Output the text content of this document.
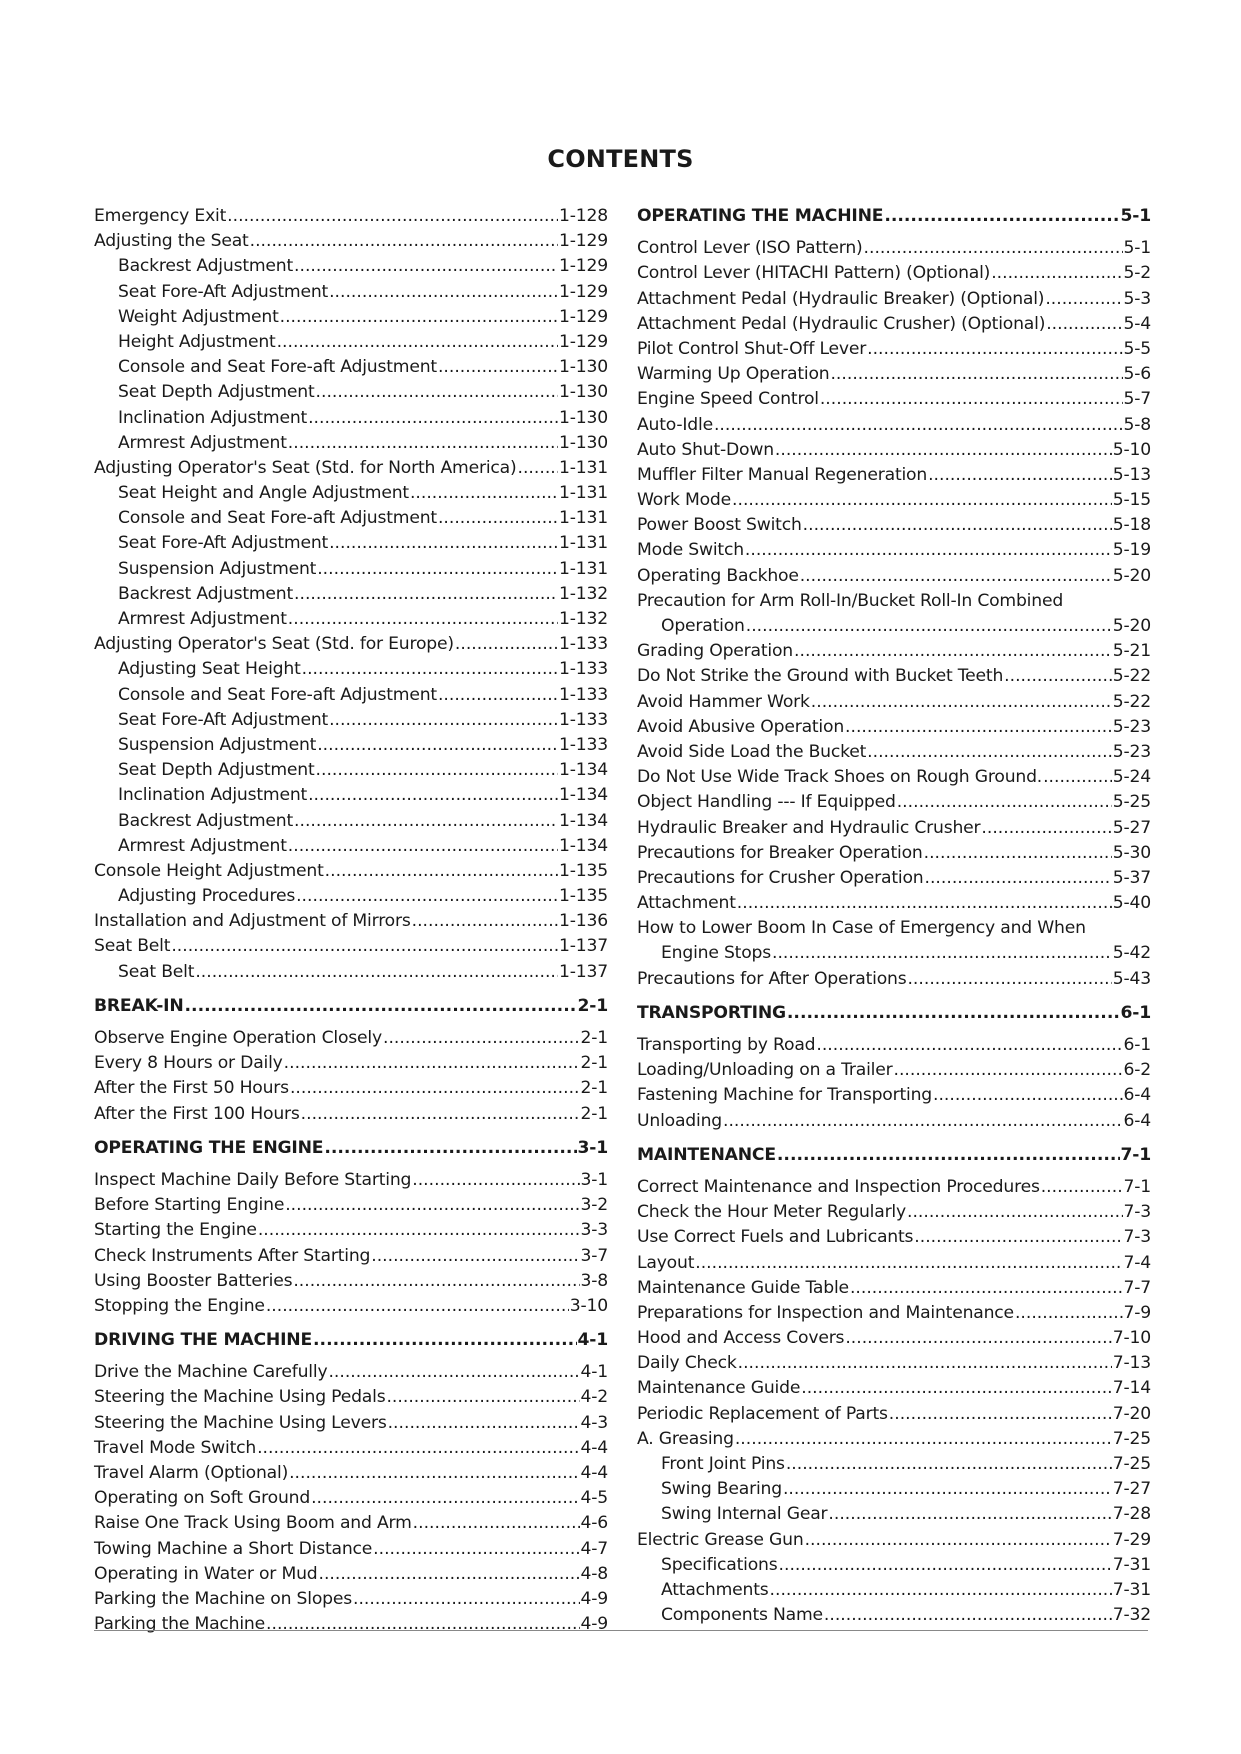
CONTENTS
Emergency Exit .....	1-128
Adjusting the Seat .....	1-129
Backrest Adjustment .....	1-129
Seat Fore-Aft Adjustment .....	1-129
Weight Adjustment .....	1-129
Height Adjustment .....	1-129
Console and Seat Fore-aft Adjustment .....	1-130
Seat Depth Adjustment .....	1-130
Inclination Adjustment .....	1-130
Armrest Adjustment .....	1-130
Adjusting Operator's Seat (Std. for North America) ..... 1-131
Seat Height and Angle Adjustment .....	1-131
Console and Seat Fore-aft Adjustment .....	1-131
Seat Fore-Aft Adjustment .....	1-131
Suspension Adjustment .....	1-131
Backrest Adjustment .....	1-132
Armrest Adjustment .....	1-132
Adjusting Operator's Seat (Std. for Europe) .....	1-133
Adjusting Seat Height .....	1-133
Console and Seat Fore-aft Adjustment .....	1-133
Seat Fore-Aft Adjustment .....	1-133
Suspension Adjustment .....	1-133
Seat Depth Adjustment .....	1-134
Inclination Adjustment .....	1-134
Backrest Adjustment .....	1-134
Armrest Adjustment .....	1-134
Console Height Adjustment .....	1-135
Adjusting Procedures .....	1-135
Installation and Adjustment of Mirrors .....	1-136
Seat Belt .....	1-137
Seat Belt .....	1-137
BREAK-IN .....	2-1
Observe Engine Operation Closely .....	2-1
Every 8 Hours or Daily .....	2-1
After the First 50 Hours .....	2-1
After the First 100 Hours .....	2-1
OPERATING THE ENGINE .....	3-1
Inspect Machine Daily Before Starting .....	3-1
Before Starting Engine .....	3-2
Starting the Engine .....	3-3
Check Instruments After Starting .....	3-7
Using Booster Batteries .....	3-8
Stopping the Engine .....	3-10
DRIVING THE MACHINE .....	4-1
Drive the Machine Carefully .....	4-1
Steering the Machine Using Pedals .....	4-2
Steering the Machine Using Levers .....	4-3
Travel Mode Switch .....	4-4
Travel Alarm (Optional) .....	4-4
Operating on Soft Ground .....	4-5
Raise One Track Using Boom and Arm .....	4-6
Towing Machine a Short Distance .....	4-7
Operating in Water or Mud .....	4-8
Parking the Machine on Slopes .....	4-9
Parking the Machine .....	4-9
OPERATING THE MACHINE .....	5-1
Control Lever (ISO Pattern) .....	5-1
Control Lever (HITACHI Pattern) (Optional) .....	5-2
Attachment Pedal (Hydraulic Breaker) (Optional) .....	5-3
Attachment Pedal (Hydraulic Crusher) (Optional) .....	5-4
Pilot Control Shut-Off Lever .....	5-5
Warming Up Operation .....	5-6
Engine Speed Control .....	5-7
Auto-Idle .....	5-8
Auto Shut-Down .....	5-10
Muffler Filter Manual Regeneration .....	5-13
Work Mode .....	5-15
Power Boost Switch .....	5-18
Mode Switch .....	5-19
Operating Backhoe .....	5-20
Precaution for Arm Roll-In/Bucket Roll-In Combined
Operation .....	5-20
Grading Operation .....	5-21
Do Not Strike the Ground with Bucket Teeth .....	5-22
Avoid Hammer Work .....	5-22
Avoid Abusive Operation .....	5-23
Avoid Side Load the Bucket .....	5-23
Do Not Use Wide Track Shoes on Rough Ground. .....	5-24
Object Handling --- If Equipped .....	5-25
Hydraulic Breaker and Hydraulic Crusher .....	5-27
Precautions for Breaker Operation .....	5-30
Precautions for Crusher Operation .....	5-37
Attachment .....	5-40
How to Lower Boom In Case of Emergency and When
Engine Stops .....	5-42
Precautions for After Operations .....	5-43
TRANSPORTING .....	6-1
Transporting by Road .....	6-1
Loading/Unloading on a Trailer .....	6-2
Fastening Machine for Transporting .....	6-4
Unloading .....	6-4
MAINTENANCE .....	7-1
Correct Maintenance and Inspection Procedures .....	7-1
Check the Hour Meter Regularly .....	7-3
Use Correct Fuels and Lubricants .....	7-3
Layout .....	7-4
Maintenance Guide Table .....	7-7
Preparations for Inspection and Maintenance .....	7-9
Hood and Access Covers .....	7-10
Daily Check .....	7-13
Maintenance Guide .....	7-14
Periodic Replacement of Parts .....	7-20
A. Greasing .....	7-25
Front Joint Pins .....	7-25
Swing Bearing .....	7-27
Swing Internal Gear .....	7-28
Electric Grease Gun .....	7-29
Specifications .....	7-31
Attachments .....	7-31
Components Name .....	7-32
